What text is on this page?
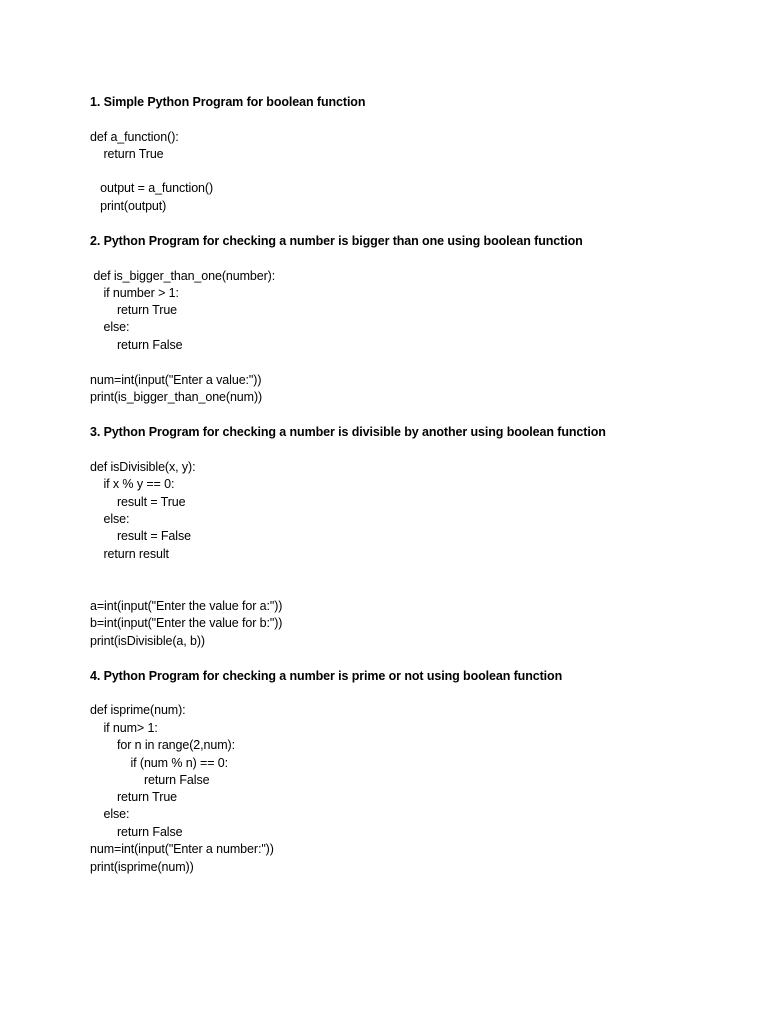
1. Simple Python Program for boolean function
def a_function():
return True
output = a_function()
print(output)
2. Python Program for checking a number is bigger than one using boolean function
def is_bigger_than_one(number):
if number > 1:
return True
else:
return False
num=int(input("Enter a value:"))
print(is_bigger_than_one(num))
3. Python Program for checking a number is divisible by another using boolean function
def isDivisible(x, y):
if x % y == 0:
result = True
else:
result = False
return result
a=int(input("Enter the value for a:"))
b=int(input("Enter the value for b:"))
print(isDivisible(a, b))
4. Python Program for checking a number is prime or not using boolean function
def isprime(num):
if num> 1:
for n in range(2,num):
if (num % n) == 0:
return False
return True
else:
return False
num=int(input("Enter a number:"))
print(isprime(num))
